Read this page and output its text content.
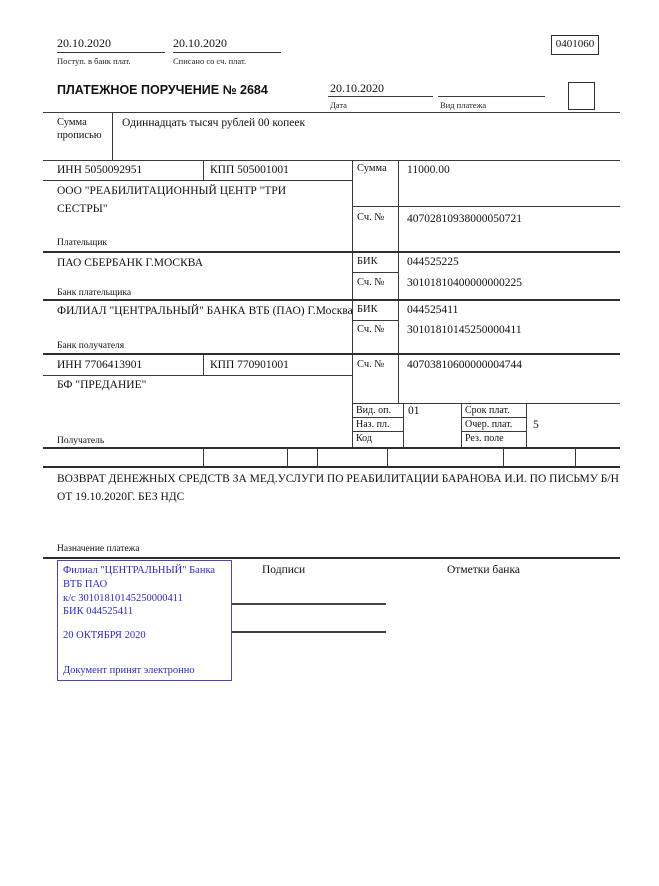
20.10.2020
Поступ. в банк плат.
20.10.2020
Списано со сч. плат.
0401060
ПЛАТЕЖНОЕ ПОРУЧЕНИЕ № 2684	20.10.2020
Дата	Вид платежа
Сумма прописью
Одиннадцать тысяч рублей 00 копеек
ИНН 5050092951	КПП 505001001	Сумма 11000.00
Сч. № 40702810938000050721
ООО "РЕАБИЛИТАЦИОННЫЙ ЦЕНТР "ТРИ СЕСТРЫ"
Плательщик
ПАО СБЕРБАНК Г.МОСКВА	БИК	044525225
Сч. № 30101810400000000225
Банк плательщика
ФИЛИАЛ "ЦЕНТРАЛЬНЫЙ" БАНКА ВТБ (ПАО) Г.Москва БИК	044525411
Сч. № 30101810145250000411
Банк получателя
ИНН 7706413901	КПП 770901001	Сч. № 40703810600000004744
БФ "ПРЕДАНИЕ"
Получатель
Вид. оп. 01	Срок плат.
Наз. пл.	Очер. плат. 5
Код	Рез. поле
ВОЗВРАТ ДЕНЕЖНЫХ СРЕДСТВ ЗА МЕД.УСЛУГИ ПО РЕАБИЛИТАЦИИ БАРАНОВА И.И. ПО ПИСЬМУ Б/Н ОТ 19.10.2020Г. БЕЗ НДС
Назначение платежа
Подписи	Отметки банка
Филиал "ЦЕНТРАЛЬНЫЙ" Банка ВТБ ПАО
к/с 30101810145250000411
БИК 044525411
20 ОКТЯБРЯ 2020
Документ принят электронно
